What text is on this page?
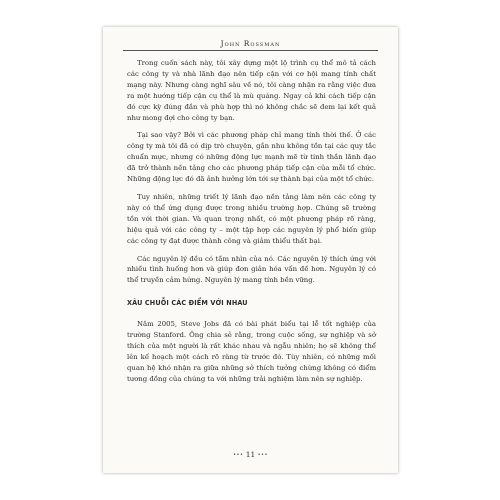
John Rossman

Trong cuốn sách này, tôi xây dựng một lộ trình cụ thể mô tả cách các công ty và nhà lãnh đạo nên tiếp cận với cơ hội mang tính chất mạng này. Nhưng càng nghĩ sâu về nó, tôi càng nhận ra rằng việc đưa ra một hướng tiếp cận cụ thể là mù quáng. Ngay cả khi cách tiếp cận đó cực kỳ đúng đắn và phù hợp thì nó không chắc sẽ đem lại kết quả như mong đợi cho công ty bạn.

Tại sao vậy? Bởi vì các phương pháp chỉ mang tính thời thế. Ở các công ty mà tôi đã có dịp trò chuyện, gắn nhu không tồn tại các quy tắc chuẩn mực, nhưng có những động lực mạnh mẽ từ tinh thần lãnh đạo đã trở thành nền tảng cho các phương pháp tiếp cận của mỗi tổ chức. Những động lực đó đã ảnh hưởng lớn tới sự thành bại của một tổ chức.

Tuy nhiên, những triết lý lãnh đạo nền tảng làm nên các công ty này có thể ứng dụng được trong nhiều trường hợp. Chúng sẽ trường tồn với thời gian. Và quan trọng nhất, có một phương pháp rõ ràng, hiệu quả với các công ty – một tập hợp các nguyên lý phổ biến giúp các công ty đạt được thành công và giảm thiểu thất bại.

Các nguyên lý đều có tầm nhìn của nó. Các nguyên lý thích ứng với nhiều tình huống hơn và giúp đơn giản hóa vấn đề hơn. Nguyên lý có thể truyền cảm hứng. Nguyên lý mang tính bền vững.

XÂU CHUỖI CÁC ĐIỂM VỚI NHAU

Năm 2005, Steve Jobs đã có bài phát biểu tại lễ tốt nghiệp của trường Stanford. Ông chia sẻ rằng, trong cuộc sống, sự nghiệp và sở thích của một người là rất khác nhau và ngẫu nhiên; họ sẽ không thể lên kế hoạch một cách rõ ràng từ trước đó. Tùy nhiên, có những mối quan hệ khó nhận ra giữa những sở thích tưởng chừng không có điểm tương đồng của chúng ta với những trải nghiệm làm nên sự nghiệp.

••• 11 •••
